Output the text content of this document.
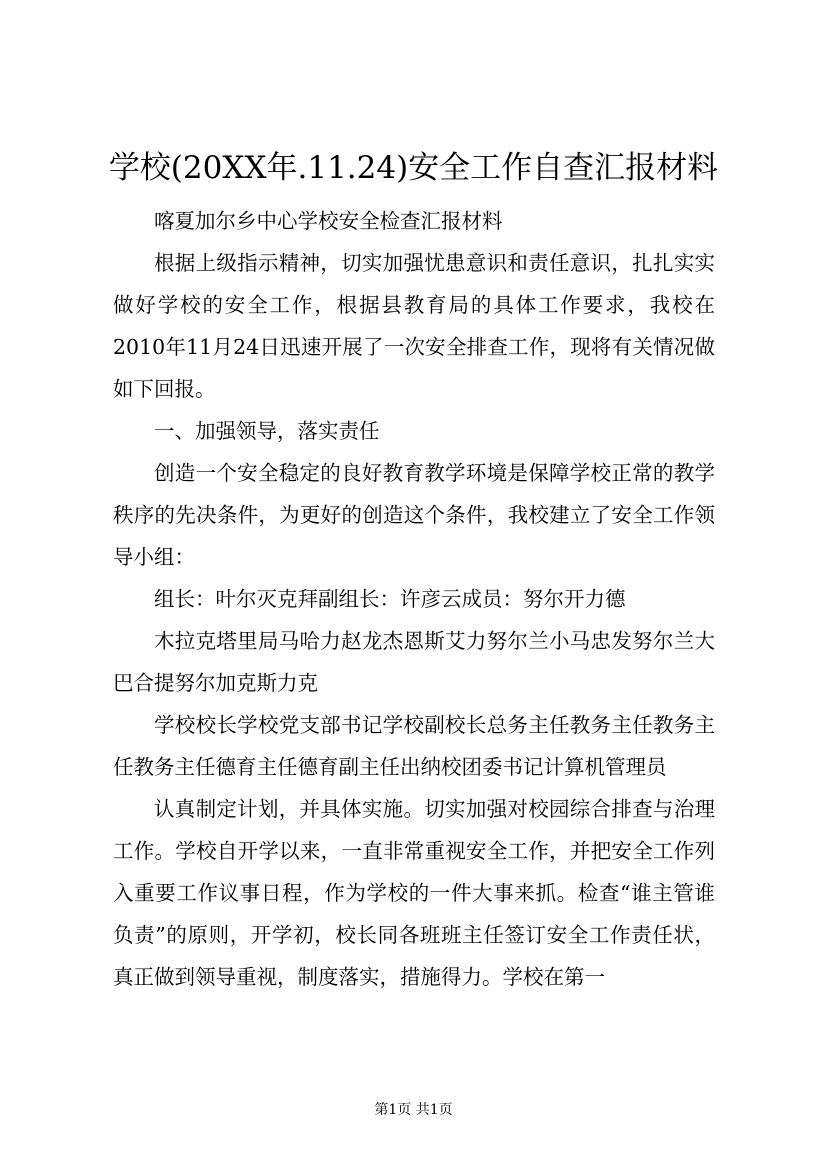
学校(20XX年.11.24)安全工作自查汇报材料

喀夏加尔乡中心学校安全检查汇报材料

根据上级指示精神，切实加强忧患意识和责任意识，扎扎实实做好学校的安全工作，根据县教育局的具体工作要求，我校在2010年11月24日迅速开展了一次安全排查工作，现将有关情况做如下回报。

一、加强领导，落实责任

创造一个安全稳定的良好教育教学环境是保障学校正常的教学秩序的先决条件，为更好的创造这个条件，我校建立了安全工作领导小组：

组长：叶尔灭克拜副组长：许彦云成员：努尔开力德

木拉克塔里局马哈力赵龙杰恩斯艾力努尔兰小马忠发努尔兰大巴合提努尔加克斯力克

学校校长学校党支部书记学校副校长总务主任教务主任教务主任教务主任德育主任德育副主任出纳校团委书记计算机管理员

认真制定计划，并具体实施。切实加强对校园综合排查与治理工作。学校自开学以来，一直非常重视安全工作，并把安全工作列入重要工作议事日程，作为学校的一件大事来抓。检查“谁主管谁负责”的原则，开学初，校长同各班班主任签订安全工作责任状，真正做到领导重视，制度落实，措施得力。学校在第一

第1页 共1页
